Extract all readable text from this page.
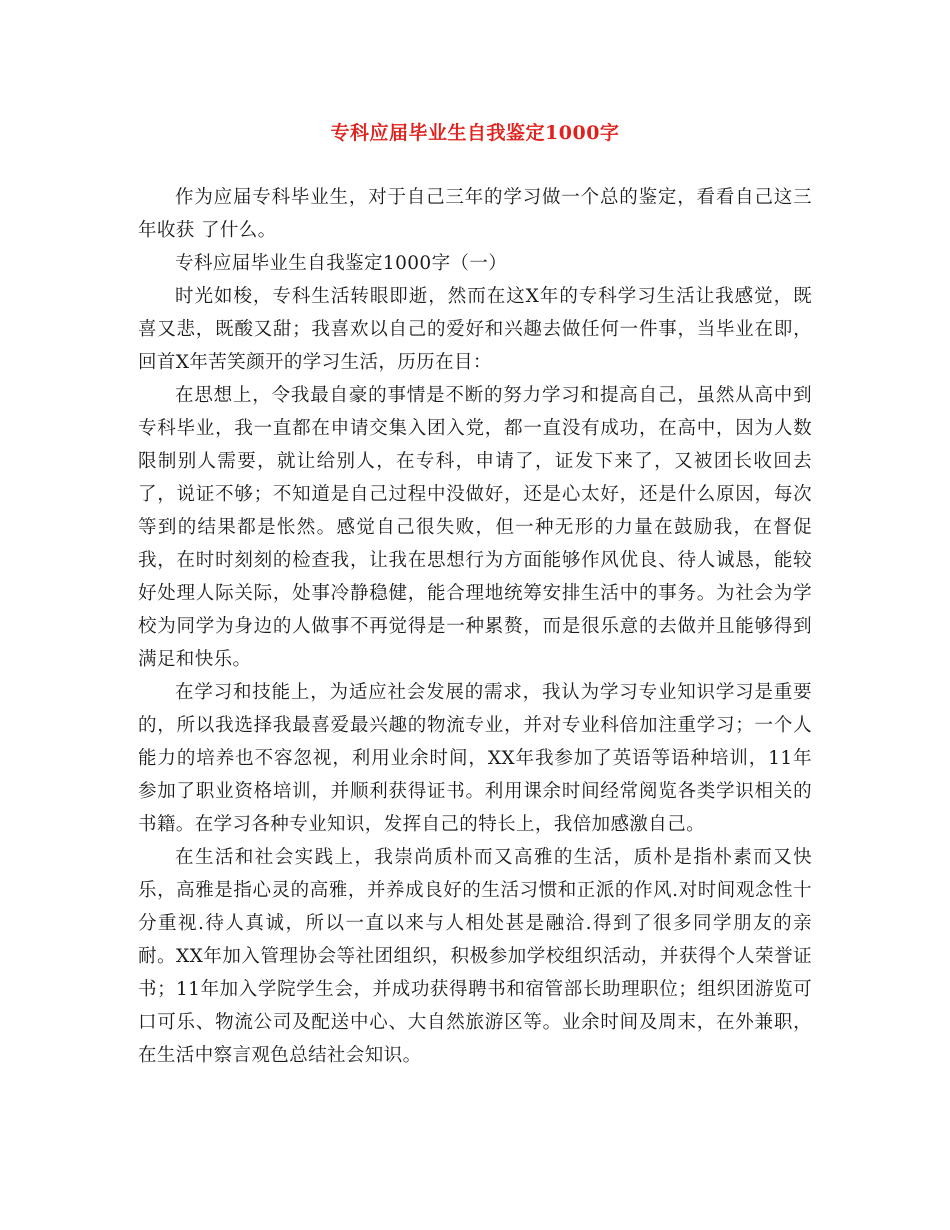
专科应届毕业生自我鉴定1000字

作为应届专科毕业生，对于自己三年的学习做一个总的鉴定，看看自己这三年收获 了什么。

专科应届毕业生自我鉴定1000字（一）

时光如梭，专科生活转眼即逝，然而在这X年的专科学习生活让我感觉，既喜又悲，既酸又甜；我喜欢以自己的爱好和兴趣去做任何一件事，当毕业在即，回首X年苦笑颜开的学习生活，历历在目：

在思想上，令我最自豪的事情是不断的努力学习和提高自己，虽然从高中到专科毕业，我一直都在申请交集入团入党，都一直没有成功，在高中，因为人数限制别人需要，就让给别人，在专科，申请了，证发下来了，又被团长收回去了，说证不够；不知道是自己过程中没做好，还是心太好，还是什么原因，每次等到的结果都是怅然。感觉自己很失败，但一种无形的力量在鼓励我，在督促我，在时时刻刻的检查我，让我在思想行为方面能够作风优良、待人诚恳，能较好处理人际关际，处事冷静稳健，能合理地统筹安排生活中的事务。为社会为学校为同学为身边的人做事不再觉得是一种累赘，而是很乐意的去做并且能够得到满足和快乐。

在学习和技能上，为适应社会发展的需求，我认为学习专业知识学习是重要的，所以我选择我最喜爱最兴趣的物流专业，并对专业科倍加注重学习；一个人能力的培养也不容忽视，利用业余时间，XX年我参加了英语等语种培训，11年参加了职业资格培训，并顺利获得证书。利用课余时间经常阅览各类学识相关的书籍。在学习各种专业知识，发挥自己的特长上，我倍加感激自己。

在生活和社会实践上，我崇尚质朴而又高雅的生活，质朴是指朴素而又快乐，高雅是指心灵的高雅，并养成良好的生活习惯和正派的作风.对时间观念性十分重视.待人真诚，所以一直以来与人相处甚是融洽.得到了很多同学朋友的亲耐。XX年加入管理协会等社团组织，积极参加学校组织活动，并获得个人荣誉证书；11年加入学院学生会，并成功获得聘书和宿管部长助理职位；组织团游览可口可乐、物流公司及配送中心、大自然旅游区等。业余时间及周末，在外兼职，在生活中察言观色总结社会知识。
